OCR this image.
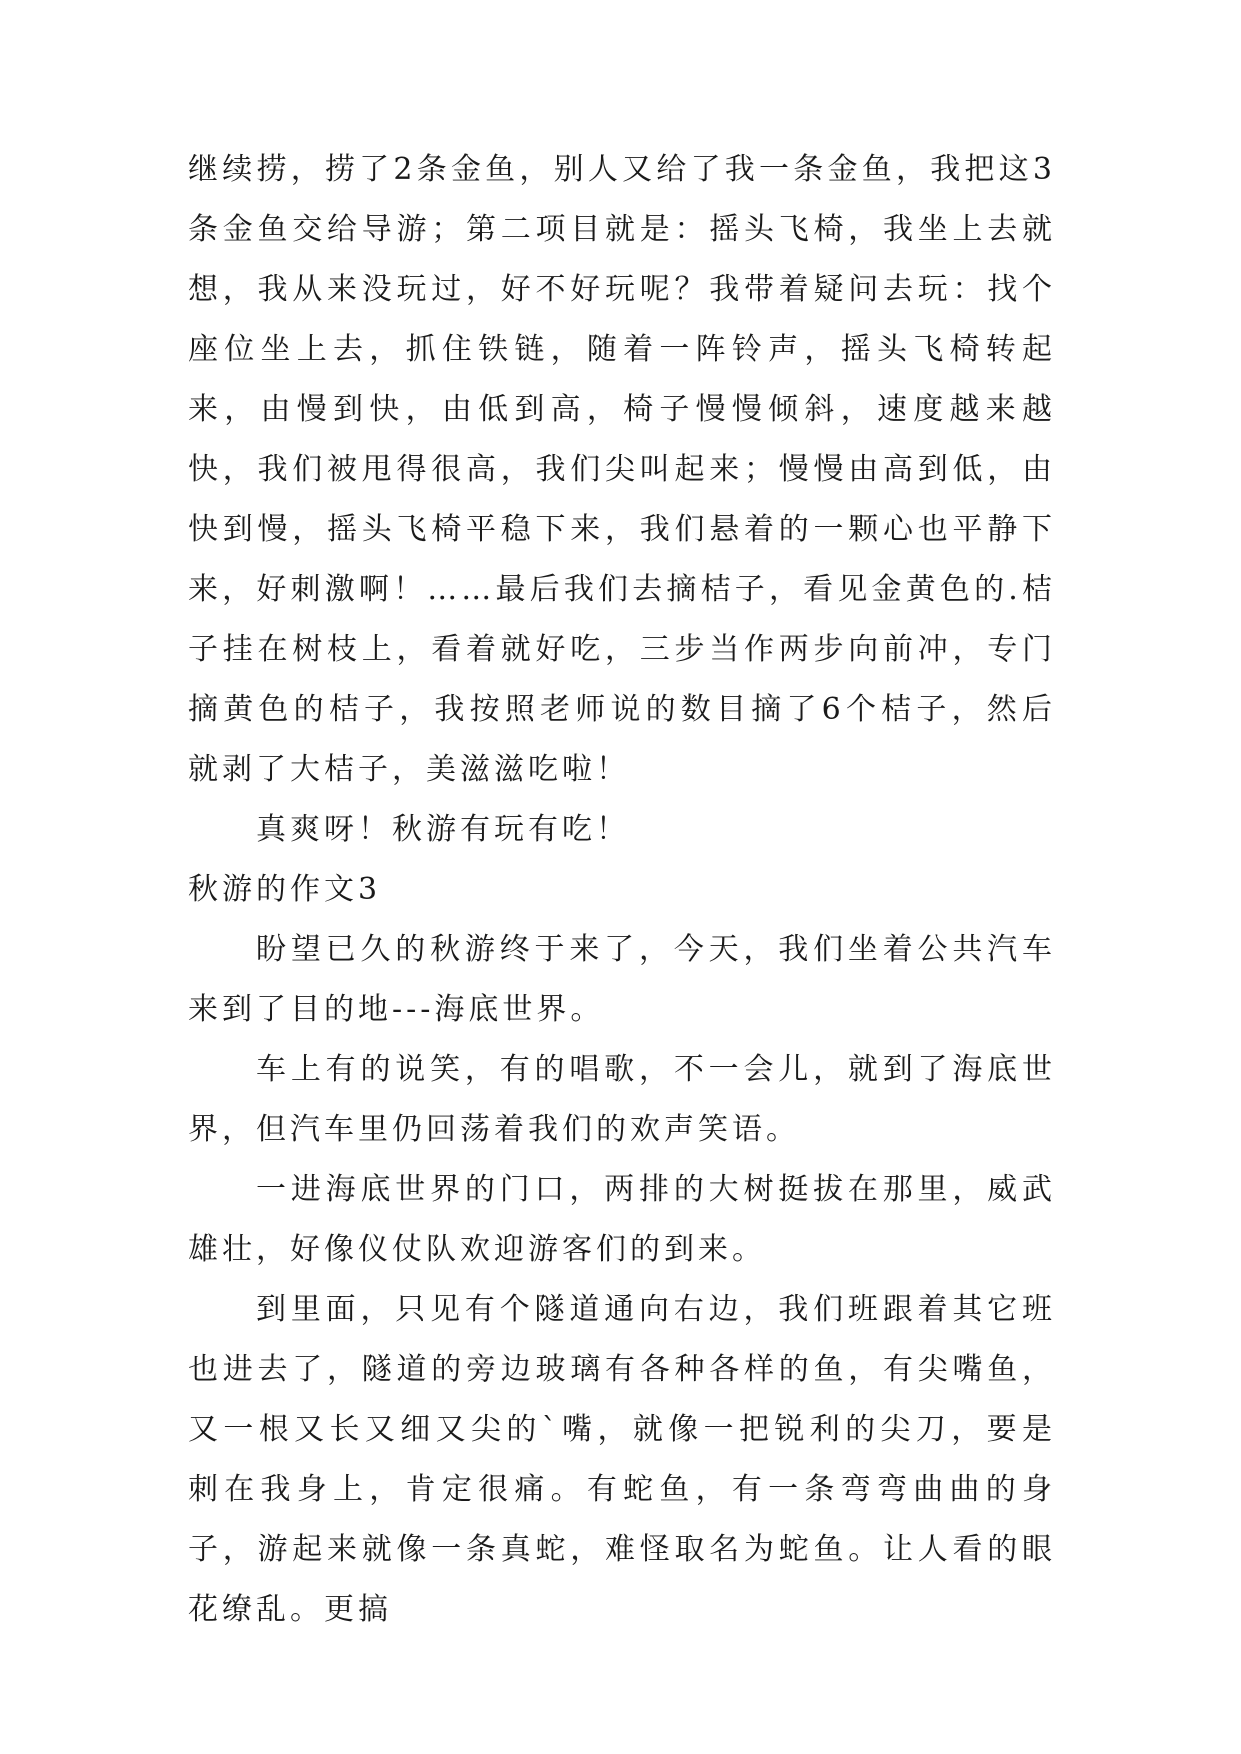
继续捞，捞了2条金鱼，别人又给了我一条金鱼，我把这3条金鱼交给导游；第二项目就是：摇头飞椅，我坐上去就想，我从来没玩过，好不好玩呢？我带着疑问去玩：找个座位坐上去，抓住铁链，随着一阵铃声，摇头飞椅转起来，由慢到快，由低到高，椅子慢慢倾斜，速度越来越快，我们被甩得很高，我们尖叫起来；慢慢由高到低，由快到慢，摇头飞椅平稳下来，我们悬着的一颗心也平静下来，好刺激啊！……最后我们去摘桔子，看见金黄色的.桔子挂在树枝上，看着就好吃，三步当作两步向前冲，专门摘黄色的桔子，我按照老师说的数目摘了6个桔子，然后就剥了大桔子，美滋滋吃啦！

真爽呀！秋游有玩有吃！

秋游的作文3

盼望已久的秋游终于来了，今天，我们坐着公共汽车来到了目的地---海底世界。

车上有的说笑，有的唱歌，不一会儿，就到了海底世界，但汽车里仍回荡着我们的欢声笑语。

一进海底世界的门口，两排的大树挺拔在那里，威武雄壮，好像仪仗队欢迎游客们的到来。

到里面，只见有个隧道通向右边，我们班跟着其它班也进去了，隧道的旁边玻璃有各种各样的鱼，有尖嘴鱼，又一根又长又细又尖的`嘴，就像一把锐利的尖刀，要是刺在我身上，肯定很痛。有蛇鱼，有一条弯弯曲曲的身子，游起来就像一条真蛇，难怪取名为蛇鱼。让人看的眼花缭乱。更搞
